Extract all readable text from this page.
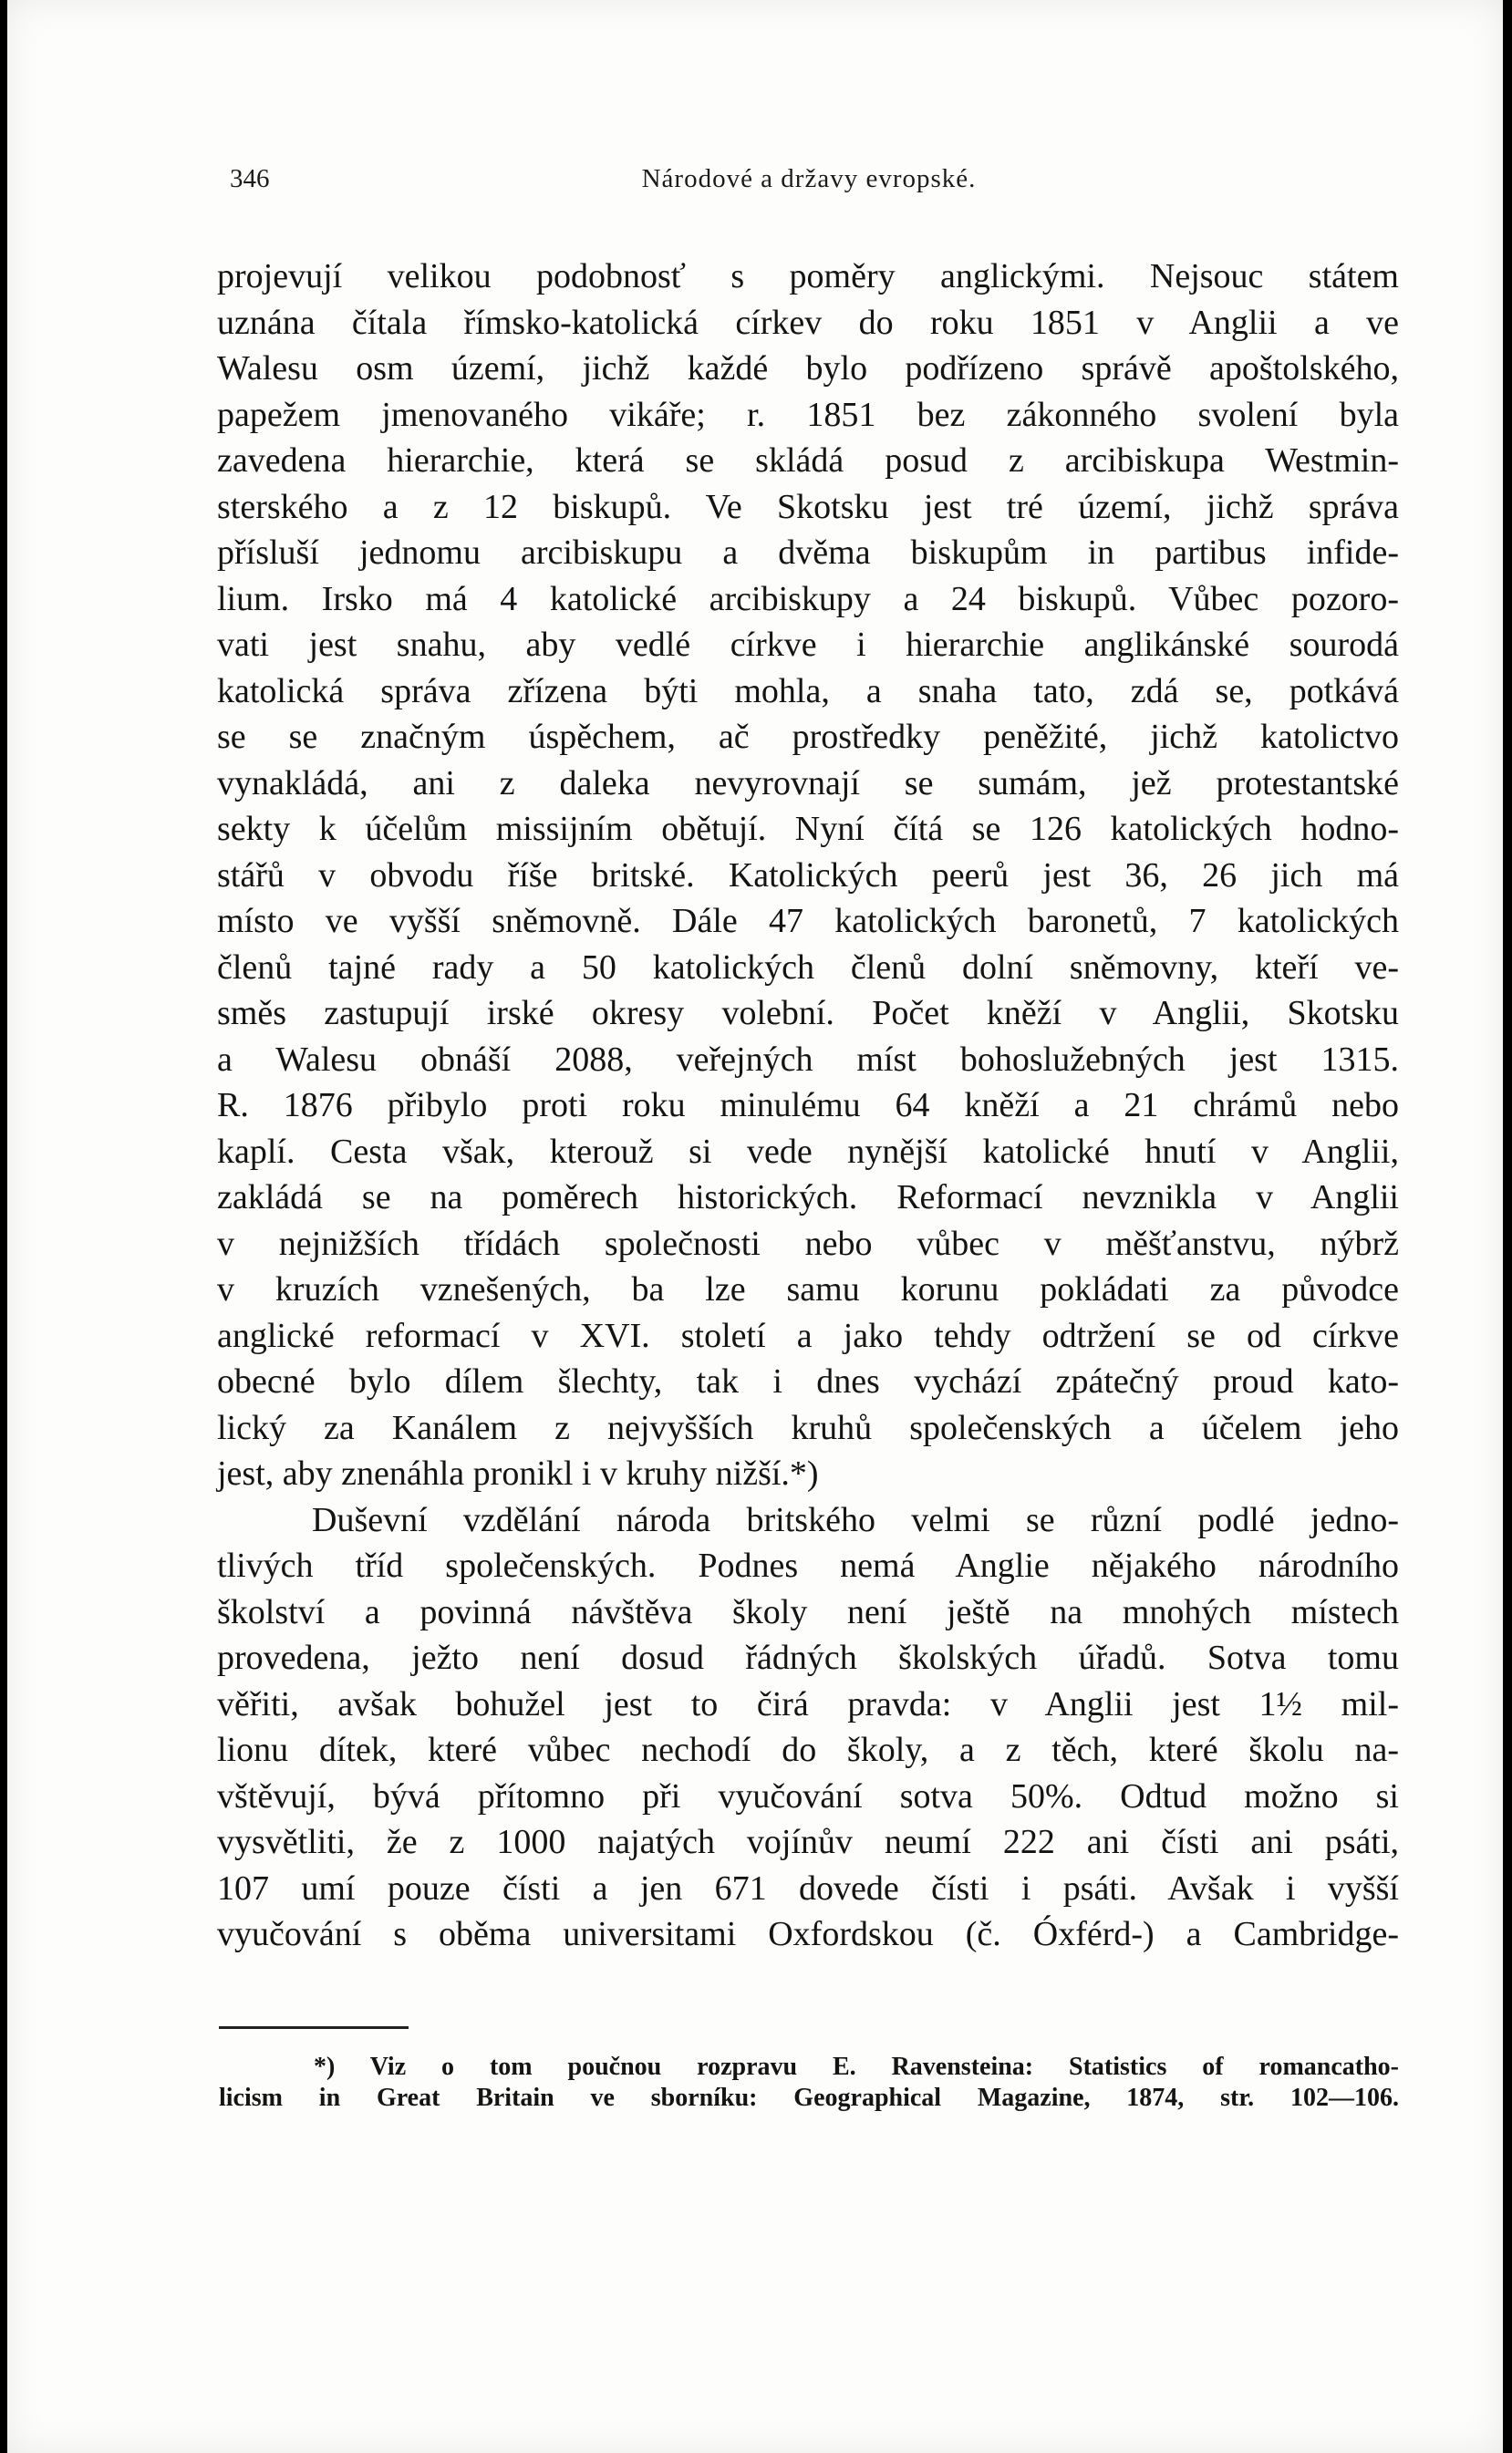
346	Národové a državy evropské.
projevují velikou podobnosť s poměry anglickými. Nejsouc státem
uznána čítala římsko-katolická církev do roku 1851 v Anglii a ve
Walesu osm území, jichž každé bylo podřízeno správě apoštolského,
papežem jmenovaného vikáře; r. 1851 bez zákonného svolení byla
zavedena hierarchie, která se skládá posud z arcibiskupa Westmin-
sterského a z 12 biskupů. Ve Skotsku jest tré území, jichž správa
přísluší jednomu arcibiskupu a dvěma biskupům in partibus infide-
lium. Irsko má 4 katolické arcibiskupy a 24 biskupů. Vůbec pozoro-
vati jest snahu, aby vedlé církve i hierarchie anglikánské sourodá
katolická správa zřízena býti mohla, a snaha tato, zdá se, potkává
se se značným úspěchem, ač prostředky peněžité, jichž katolictvo
vynakládá, ani z daleka nevyrovnají se sumám, jež protestantské
sekty k účelům missijním obětují. Nyní čítá se 126 katolických hodno-
stářů v obvodu říše britské. Katolických peerů jest 36, 26 jich má
místo ve vyšší sněmovně. Dále 47 katolických baronetů, 7 katolických
členů tajné rady a 50 katolických členů dolní sněmovny, kteří ve-
směs zastupují irské okresy volební. Počet kněží v Anglii, Skotsku
a Walesu obnáší 2088, veřejných míst bohoslužebných jest 1315.
R. 1876 přibylo proti roku minulému 64 kněží a 21 chrámů nebo
kaplí. Cesta však, kterouž si vede nynější katolické hnutí v Anglii,
zakládá se na poměrech historických. Reformací nevznikla v Anglii
v nejnižších třídách společnosti nebo vůbec v měšťanstvu, nýbrž
v kruzích vznešených, ba lze samu korunu pokládati za původce
anglické reformací v XVI. století a jako tehdy odtržení se od církve
obecné bylo dílem šlechty, tak i dnes vychází zpátečný proud kato-
lický za Kanálem z nejvyšších kruhů společenských a účelem jeho
jest, aby znenáhla pronikl i v kruhy nižší.*)
Duševní vzdělání národa britského velmi se různí podlé jedno-
tlivých tříd společenských. Podnes nemá Anglie nějakého národního
školství a povinná návštěva školy není ještě na mnohých místech
provedena, ježto není dosud řádných školských úřadů. Sotva tomu
věřiti, avšak bohužel jest to čirá pravda: v Anglii jest 1½ mil-
lionu dítek, které vůbec nechodí do školy, a z těch, které školu na-
vštěvují, bývá přítomno při vyučování sotva 50%. Odtud možno si
vysvětliti, že z 1000 najatých vojínův neumí 222 ani čísti ani psáti,
107 umí pouze čísti a jen 671 dovede čísti i psáti. Avšak i vyšší
vyučování s oběma universitami Oxfordskou (č. Óxférd-) a Cambridge-
*) Viz o tom poučnou rozpravu E. Ravensteina: Statistics of romancatho-
licism in Great Britain ve sborníku: Geographical Magazine, 1874, str. 102—106.
